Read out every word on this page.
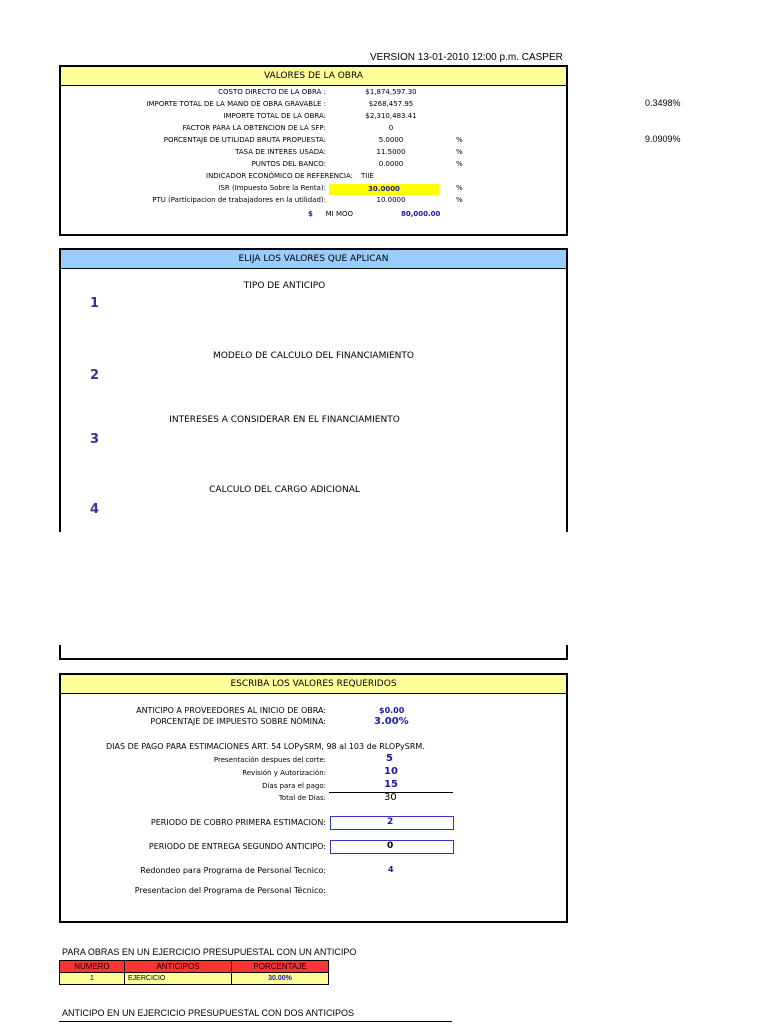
VERSION 13-01-2010 12:00 p.m. CASPER
VALORES DE LA OBRA
COSTO DIRECTO DE LA OBRA :	$1,874,597.30
IMPORTE TOTAL DE LA MANO DE OBRA GRAVABLE :	$268,457.95
IMPORTE TOTAL DE LA OBRA:	$2,310,483.41
FACTOR PARA LA OBTENCION DE LA SFP:	0
PORCENTAJE DE UTILIDAD BRUTA PROPUESTA:	5.0000	%
TASA DE INTERES USADA:	11.5000	%
PUNTOS DEL BANCO:	0.0000	%
INDICADOR ECONÓMICO DE REFERENCIA: TIIE
ISR (Impuesto Sobre la Renta):	30.0000	%
PTU (Participacion de trabajadores en la utilidad):	10.0000	%
MI MOO
$	80,000.00
0.3498%
9.0909%
ELIJA LOS VALORES QUE APLICAN
TIPO DE ANTICIPO
1
MODELO DE CALCULO DEL FINANCIAMIENTO
2
INTERESES A CONSIDERAR EN EL FINANCIAMIENTO
3
CALCULO DEL CARGO ADICIONAL
4
ESCRIBA LOS VALORES REQUERIDOS
ANTICIPO A PROVEEDORES AL INICIO DE OBRA:	$0.00
PORCENTAJE DE IMPUESTO SOBRE NÓMINA:	3.00%
DIAS DE PAGO PARA ESTIMACIONES ART. 54 LOPySRM, 98 al 103 de RLOPySRM.
Presentación despues del corte:	5
Revisión y Autorización:	10
Dias para el pago:	15
Total de Dias:	30
PERIODO DE COBRO PRIMERA ESTIMACION:	2
PERIODO DE ENTREGA SEGUNDO ANTICIPO:	0
Redondeo para Programa de Personal Tecnico:	4
Presentacion del Programa de Personal Técnico:
PARA OBRAS EN UN EJERCICIO PRESUPUESTAL CON UN ANTICIPO
NUMERO	ANTICIPOS	PORCENTAJE
1	EJERCICIO	30.00%
ANTICIPO EN UN EJERCICIO PRESUPUESTAL CON DOS ANTICIPOS
